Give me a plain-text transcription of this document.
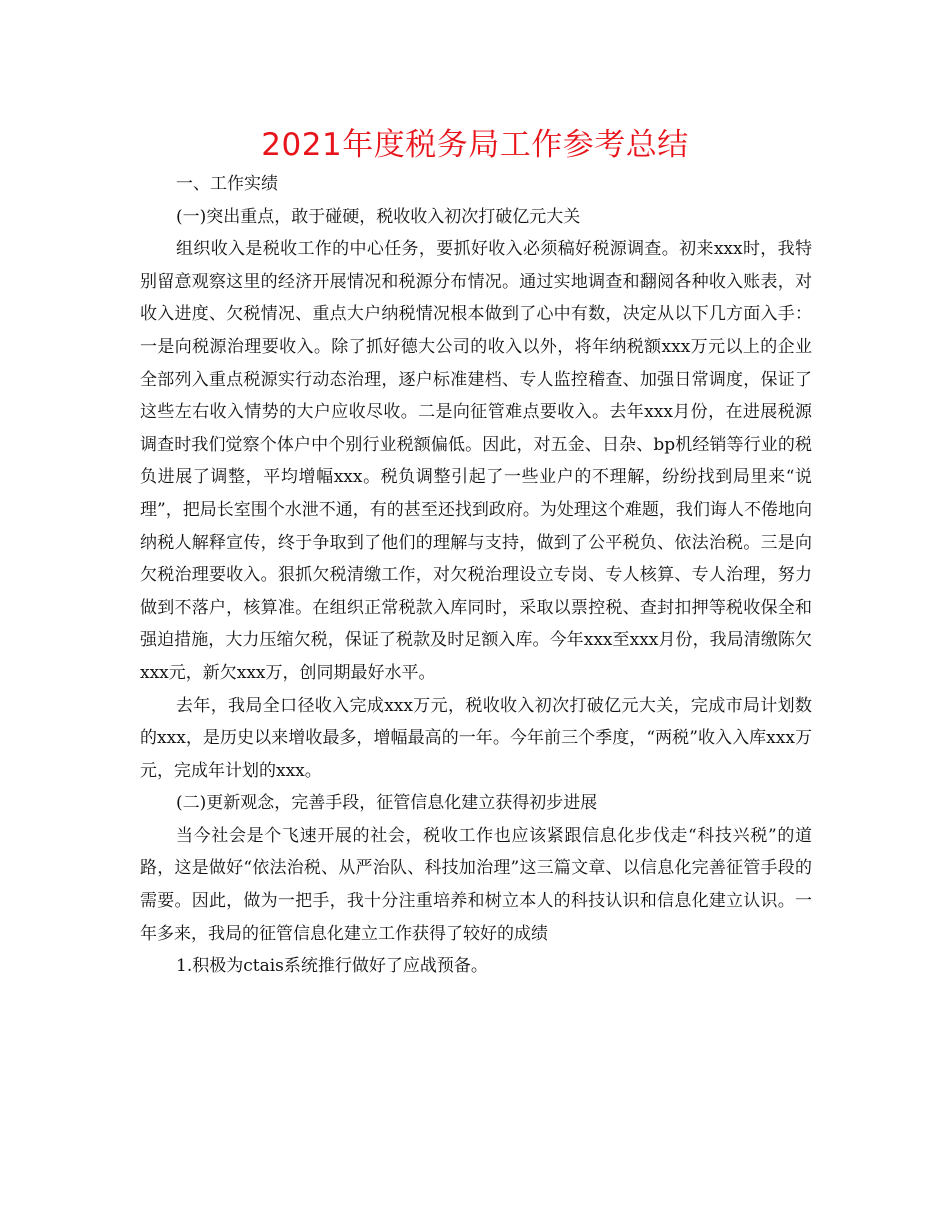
2021年度税务局工作参考总结

一、工作实绩

(一)突出重点，敢于碰硬，税收收入初次打破亿元大关

组织收入是税收工作的中心任务，要抓好收入必须稿好税源调查。初来xxx时，我特别留意观察这里的经济开展情况和税源分布情况。通过实地调查和翻阅各种收入账表，对收入进度、欠税情况、重点大户纳税情况根本做到了心中有数，决定从以下几方面入手：一是向税源治理要收入。除了抓好德大公司的收入以外，将年纳税额xxx万元以上的企业全部列入重点税源实行动态治理，逐户标准建档、专人监控稽查、加强日常调度，保证了这些左右收入情势的大户应收尽收。二是向征管难点要收入。去年xxx月份，在进展税源调查时我们觉察个体户中个别行业税额偏低。因此，对五金、日杂、bp机经销等行业的税负进展了调整，平均增幅xxx。税负调整引起了一些业户的不理解，纷纷找到局里来“说理”，把局长室围个水泄不通，有的甚至还找到政府。为处理这个难题，我们诲人不倦地向纳税人解释宣传，终于争取到了他们的理解与支持，做到了公平税负、依法治税。三是向欠税治理要收入。狠抓欠税清缴工作，对欠税治理设立专岗、专人核算、专人治理，努力做到不落户，核算准。在组织正常税款入库同时，采取以票控税、查封扣押等税收保全和强迫措施，大力压缩欠税，保证了税款及时足额入库。今年xxx至xxx月份，我局清缴陈欠xxx元，新欠xxx万，创同期最好水平。

去年，我局全口径收入完成xxx万元，税收收入初次打破亿元大关，完成市局计划数的xxx，是历史以来增收最多，增幅最高的一年。今年前三个季度，“两税”收入入库xxx万元，完成年计划的xxx。

(二)更新观念，完善手段，征管信息化建立获得初步进展

当今社会是个飞速开展的社会，税收工作也应该紧跟信息化步伐走“科技兴税”的道路，这是做好“依法治税、从严治队、科技加治理”这三篇文章、以信息化完善征管手段的需要。因此，做为一把手，我十分注重培养和树立本人的科技认识和信息化建立认识。一年多来，我局的征管信息化建立工作获得了较好的成绩

1.积极为ctais系统推行做好了应战预备。
